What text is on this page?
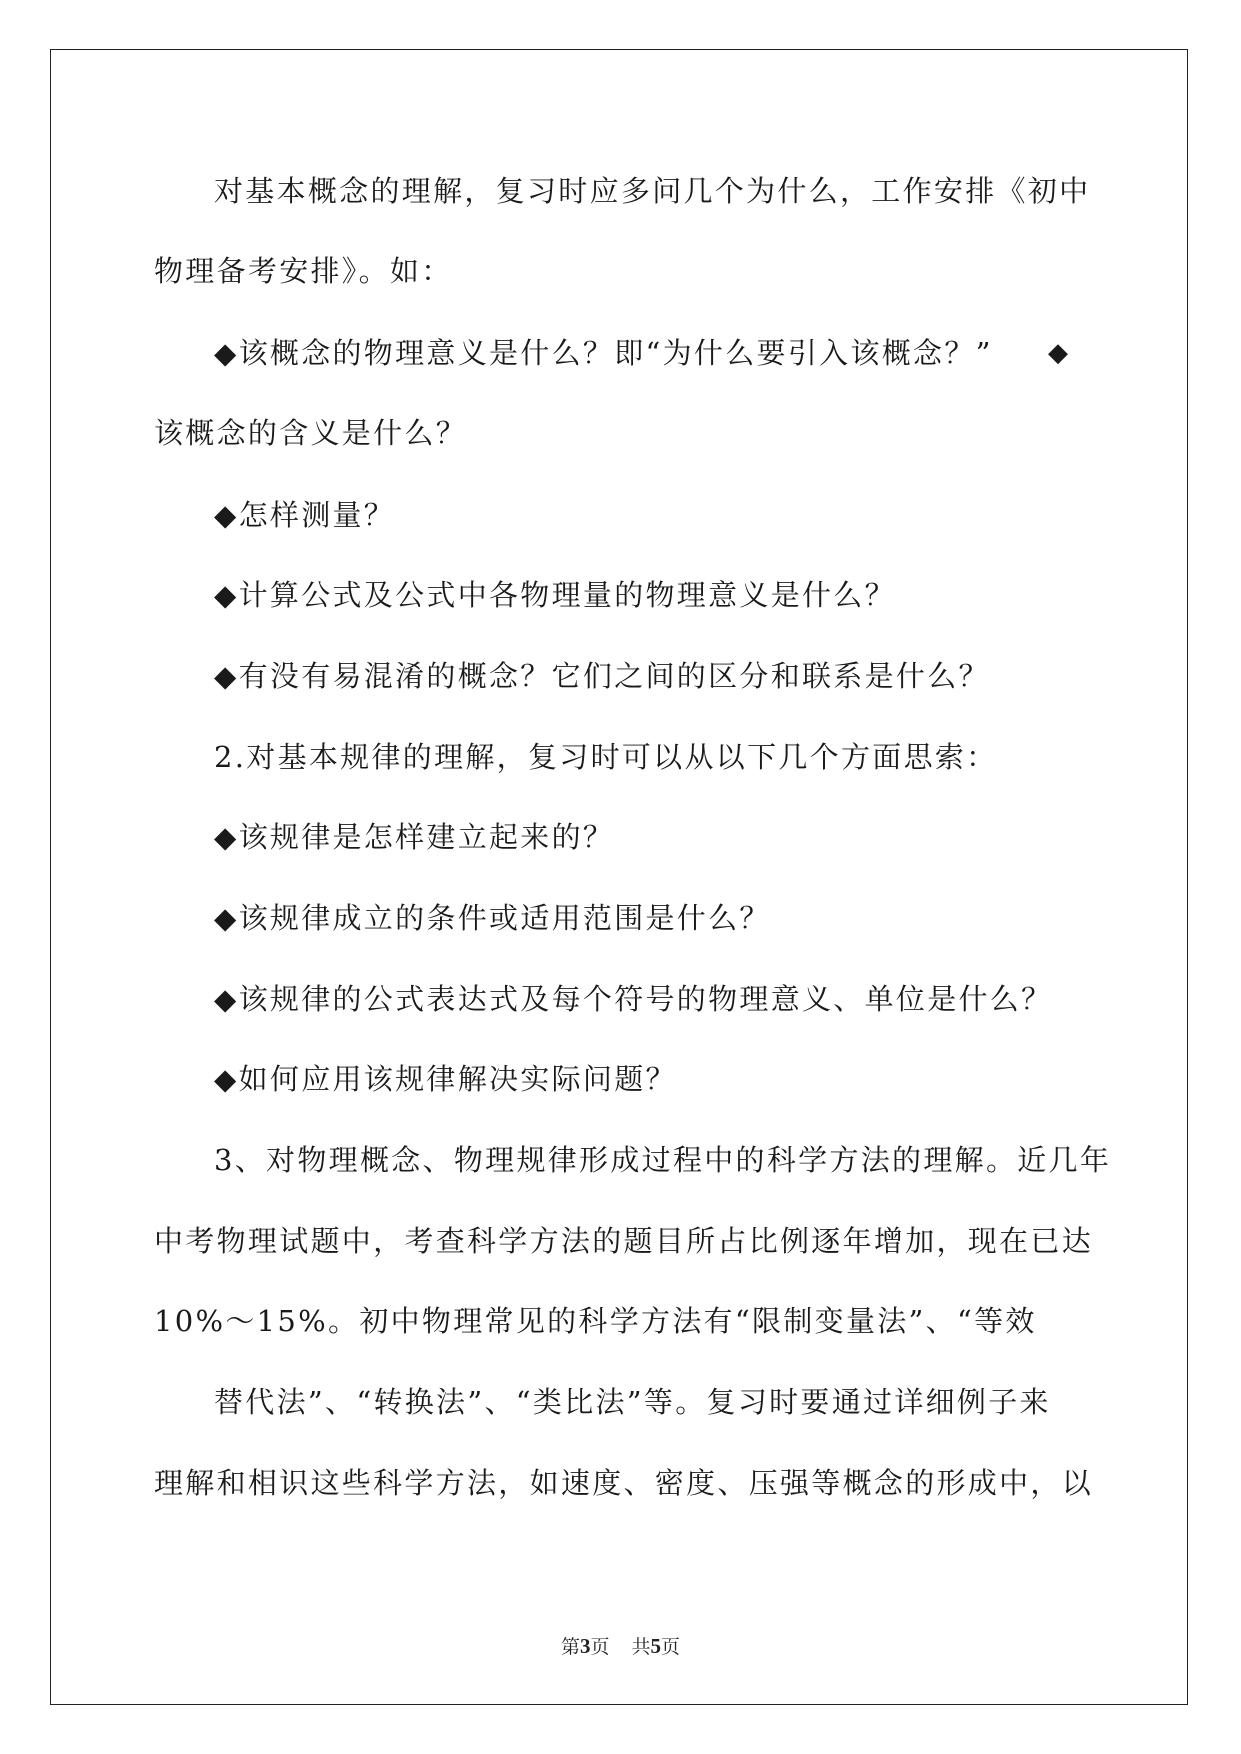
对基本概念的理解，复习时应多问几个为什么，工作安排《初中
物理备考安排》。如：
◆该概念的物理意义是什么？即“为什么要引入该概念？” ◆
该概念的含义是什么？
◆怎样测量？
◆计算公式及公式中各物理量的物理意义是什么？
◆有没有易混淆的概念？它们之间的区分和联系是什么？
2.对基本规律的理解，复习时可以从以下几个方面思索：
◆该规律是怎样建立起来的？
◆该规律成立的条件或适用范围是什么？
◆该规律的公式表达式及每个符号的物理意义、单位是什么？
◆如何应用该规律解决实际问题？
3、对物理概念、物理规律形成过程中的科学方法的理解。近几年
中考物理试题中，考查科学方法的题目所占比例逐年增加，现在已达
10%～15%。初中物理常见的科学方法有“限制变量法”、“等效
替代法”、“转换法”、“类比法”等。复习时要通过详细例子来
理解和相识这些科学方法，如速度、密度、压强等概念的形成中，以
第3页 共5页
